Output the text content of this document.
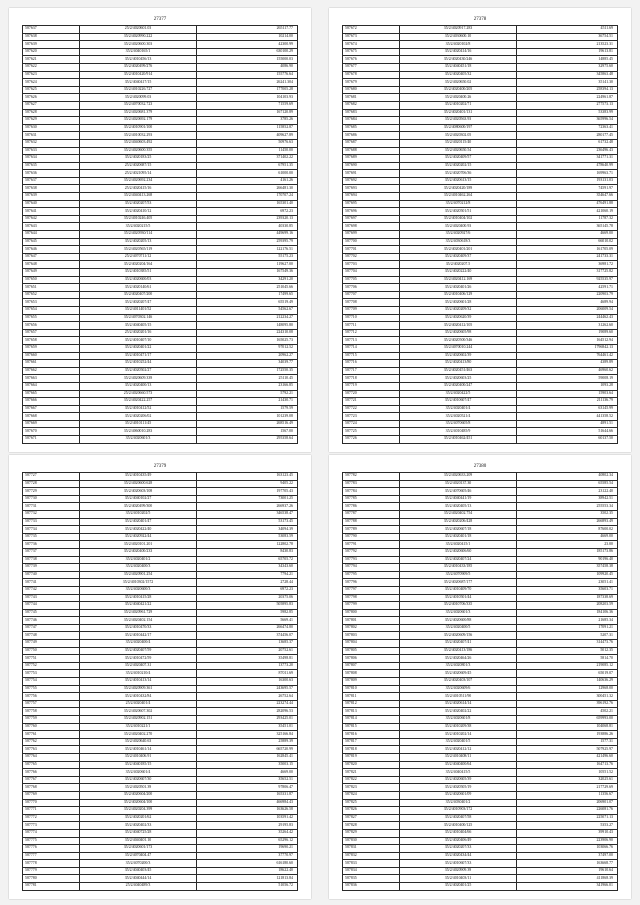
27377
587637	25/2/4020601.03	265117.77
587638	35/2/4020990.222	10214.00
587639	35/2/4020600.303	42300.99
587620	35/2/4040165/1	630100.29
587621	35/2/4010456/13	155000.03
587622	35/2/4020499/276	4086.90
587623	35/2/4010420/914	155776.64
587624	35/2/4040417/15	26241.304
587625	35/2/4010226.727	177005.28
587626	35/2/4020099.03	104103.93
587627	35/2/4070032.723	71559.69
587628	35/2/4020681.379	167120.89
587629	35/2/4020692.179	3785.26
587630	35/2/4010901/100	115852.87
587631	35/2/4010032.293	409627.89
587632	35/2/4040603.492	50976.63
587633	35/2/4020600.355	11450.00
587634	35/2/4020183/25	371402.22
587635	25/2/4020687/15	67951.35
587636	25/2/4021095/14	61000.00
587637	35/2/4020692.234	4161.26
587638	25/2/4020415/16	266481.30
587639	35/2/4040413.268	170707.24
587640	35/2/4020207/53	165301.40
587641	35/2/4020410/12	6972.23
587642	35/2/4010246.405	239320.13
587643	35/2/4020215/5	40330.85
587644	35/2/4020930/114	449699.16
587645	35/2/4020205/13	259395.79
587646	35/2/4020565/119	122176.51
587647	25/2/4070711/12	55175.23
587648	35/2/4020204/164	119627.00
587649	35/2/4010385/51	167549.36
587650	35/2/4020600/03	34291.20
587651	35/2/4020140/61	251045.66
587652	35/2/4020407/200	17499.65
587653	35/2/4020207/47	65519.49
587654	35/2/4011401/52	54562.67
587655	35/2/4070302.146	212234.27
587656	35/2/4040405/15	148095.80
587657	25/2/4020201/16	224310.08
587658	35/2/4010407/10	165025.73
587659	35/2/4020401/22	97012.52
587660	35/2/4010471/17	20962.27
587661	35/2/4010252/44	34039.77
587662	35/2/4020502/27	172550.35
587663	35/2/4020609.339	25110.45
587664	35/2/4020400/13	23166.85
587665	25/2/4020660.573	5792.21
587666	35/2/4020422.257	21430.71
587667	35/2/4010412/52	1579.59
587668	35/2/4020206/02	101239.08
587669	35/2/4010111/45	268516.49
587670	35/2/4060010.283	1567.00
587671	35/2/4020601/3	295358.64
27378
587672	35/2/4020917.283	4511.69
587673	35/2/4030600.10	36754.51
587674	35/2/4020102/8	213523.31
587675	35/2/4020414/16	19613.81
587676	35/2/4020430/246	14885.45
587677	35/2/4040451/18	32975.60
587678	35/2/4020405/32	345863.48
587679	35/2/4020650.02	35141.30
587680	35/2/4020400/205	258394.13
587681	35/2/4020400.26	224961.87
587682	35/2/4010202/71	277573.13
587683	35/2/4020401/131	53383.99
587684	35/2/4020563.93	365996.54
587685	35/2/4080600/197	72363.41
587686	35/2/4020302.05	280177.45
587687	35/2/4020115/40	61732.48
587688	35/2/4020650.54	236496.43
587689	35/2/4020409/57	341771.31
587690	35/2/4020202/15	478640.99
587691	35/2/4020706/36	169963.71
587692	35/2/4020613/15	193131.03
587693	35/2/4020420/189	74591.97
587694	35/2/4010462.264	354647.66
587695	35/2/4070212/8	476491.88
587696	35/2/4020501/51	421060.19
587697	35/2/4010404/102	11787.32
587698	35/2/4020400.93	365145.78
587699	35/2/4020927/6	4669.00
587700	35/2/4030618/3	66010.02
587701	35/2/4020401/201	161705.09
587702	35/2/4020409/37	241733.31
587703	35/2/4020207.5	36981.72
587704	35/2/4020222/40	317725.82
587705	35/2/4020412.169	925535.97
587706	35/2/4020401/26	42591.71
587707	35/2/4010406/129	220903.79
587708	35/2/4020601/28	4689.94
587709	35/2/4020209/32	206009.54
587710	35/2/4020620/39	244462.43
587711	35/2/4020412/105	31262.60
587712	35/2/4020605/98	19089.60
587713	35/2/4020500/346	164512.94
587714	35/2/4070010.244	1796842.13
587715	35/2/4020602/39	764461.42
587716	35/2/4020413/80	4389.89
587717	35/2/4020451/463	46960.62
587718	35/2/4020603/25	59008.19
587719	35/2/4020400/247	1093.28
587720	35/2/4020422/5	15903.64
587721	35/2/4010607/47	211136.79
587722	35/2/4020401/4	63145.99
587723	35/2/4020521/4	441358.52
587724	35/2/4070605/8	4891.51
587725	35/2/4010485/9	51644.66
587726	35/2/4010462/451	60137.50
27379
587727	35/2/4010435/49	163123.45
587728	35/2/4020600.628	9405.22
587729	35/2/4020603/108	197705.43
587730	35/2/4040102/27	73001.25
587731	35/2/4020499/300	266937.26
587732	35/2/4010202/5	346538.47
587733	35/2/4020401/47	53173.45
587734	35/2/4020422/40	34094.39
587735	35/2/4020922/44	53083.59
587736	35/2/4020101.201	122802.78
587737	35/2/4020400/233	8430.83
587738	35/2/4020401/2	65705.72
587739	35/2/4020400/3	34343.60
587740	35/2/4020901.254	7794.21
587741	35/2/4010302/1572	2728.44
587742	35/2/4020600/3	6972.23
587743	35/2/4010415/28	20375.06
587744	35/2/4040421/22	505895.83
587745	35/2/4020961.729	5982.85
587746	35/2/4020402.154	5669.41
587747	35/2/4010470/33	266474.80
587748	35/2/4010442/17	374456.07
587749	35/2/4020400/4	13685.37
587750	35/2/4020407/59	20752.61
587751	35/2/4010472/59	35498.81
587752	35/2/4020407.31	13773.20
587753	35/2/4010210/4	87011.69
587754	35/2/4010413/14	16300.63
587755	35/2/4020909.361	243695.57
587756	35/2/4010432/84	26752.64
587757	25/2/4020401/4	223274.44
587758	35/2/4020607.302	282096.53
587759	35/2/4020902.151	293425.01
587760	35/2/4010221/1	35451.01
587761	35/2/4020402.270	325166.84
587762	35/2/4020640.63	25889.39
587763	35/2/4010461/14	665720.99
587764	35/2/4010406.91	162845.41
587765	35/2/4040185/15	35003.15
587766	35/2/4020601/4	4669.00
587767	35/2/4020607/30	35652.51
587768	35/2/4020501.39	97806.47
587769	35/2/4020604/200	165331.87
587770	35/2/4020604/100	466984.43
587771	35/2/4020204.399	163626.58
587772	35/2/4020201/62	103591.42
587773	35/2/4020402/33	29195.83
587774	35/2/4040725/28	35264.42
587775	35/2/4040401.10	65296.12
587776	35/2/4020601/173	19690.21
587777	35/2/4070404.47	37770.97
587778	35/2/4070200/3	616180.60
587779	35/2/4040403/45	18622.40
587780	35/2/4040444/14	121813.84
587781	25/2/4040489/3	51056.72
27380
587782	35/2/4020633.209	40802.34
587783	35/2/4020137.30	65585.54
587784	35/2/4070605/46	23122.40
587785	35/2/4040441/19	38942.51
587786	35/2/4020405/13	255553.34
587787	35/2/4020402.754	3502.35
587788	35/2/4020206/428	266893.49
587789	35/2/4020607/18	87600.02
587790	35/2/4020401/18	4669.00
587791	35/2/4020415/1	23.00
587792	35/2/4020606/60	185173.86
587793	35/2/4020407/24	90196.40
587794	35/2/4010433/185	357458.38
587795	35/2/4070909/5	109920.45
587796	35/2/4020687/177	23051.41
587797	35/2/4010409/70	35603.71
587798	35/2/4010501/44	187338.69
587799	35/2/4010706/335	208203.59
587800	35/2/4020601/3	184106.36
587801	35/2/4020600/88	21685.34
587802	35/2/4020400/5	17091.21
587803	35/2/4020609/156	5207.31
587804	35/2/4020407/41	314473.76
587805	35/2/4020413/186	5012.35
587806	35/2/4020464/26	5814.70
587807	35/2/4020801/3	219085.12
587808	35/2/4020609/45	65019.07
587809	35/2/4020403/107	140636.29
587810	35/2/4020609/6	12968.00
587811	35/2/4010511/90	300451.32
587812	35/2/4020614/14	396192.76
587813	35/2/4020402/22	4502.21
587814	35/2/4020601/8	659993.00
587815	35/2/4010209/38	104068.81
587816	35/2/4010202/14	193886.26
587817	35/2/4020401/5	1577.31
587818	35/2/4020412/12	507925.97
587819	35/2/4010408/11	421496.60
587820	35/2/4040400/64	164713.76
587821	35/2/4040415/5	10551.52
587822	35/2/4020605/39	32025.61
587823	35/2/4020505/19	217729.69
587824	35/2/4020601/09	11356.67
587825	35/2/4030401/2	206901.07
587826	35/2/4010903/172	226081.76
587827	35/2/4020407/58	225071.13
587828	35/2/4010400/125	5353.27
587829	35/2/4010404/66	39910.43
587830	35/2/4020406/49	223906.90
587831	35/2/4020207/33	103066.76
587832	35/2/4020434/44	37497.00
587833	35/2/4010607/33	163668.77
587834	35/2/4020909.39	19610.64
587835	35/2/4010403/11	411868.39
587836	35/2/4020401/25	341966.01
